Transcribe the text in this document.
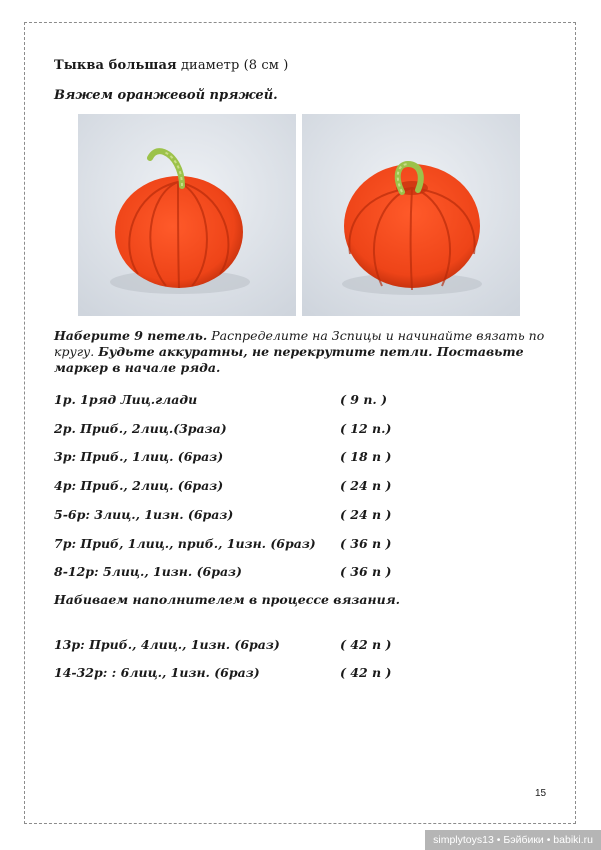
Тыква большая диаметр (8 см )
Вяжем оранжевой пряжей.
Наберите 9 петель. Распределите на 3спицы и начинайте вязать по кругу. Будьте аккуратны, не перекрутите петли. Поставьте маркер в начале ряда.
1р. 1ряд Лиц.глади	( 9 п. )
2р. Приб., 2лиц.(3раза)	( 12 п.)
3р: Приб., 1лиц. (6раз)	( 18 п )
4р: Приб., 2лиц. (6раз)	( 24 п )
5-6р: 3лиц., 1изн. (6раз)	( 24 п )
7р: Приб, 1лиц., приб., 1изн. (6раз) ( 36 п )
8-12р: 5лиц., 1изн. (6раз)	( 36 п )
Набиваем наполнителем в процессе вязания.
13р: Приб., 4лиц., 1изн. (6раз)	( 42 п )
14-32р: : 6лиц., 1изн. (6раз)	( 42 п )
15
simplytoys13 • Бэйбики • babiki.ru
